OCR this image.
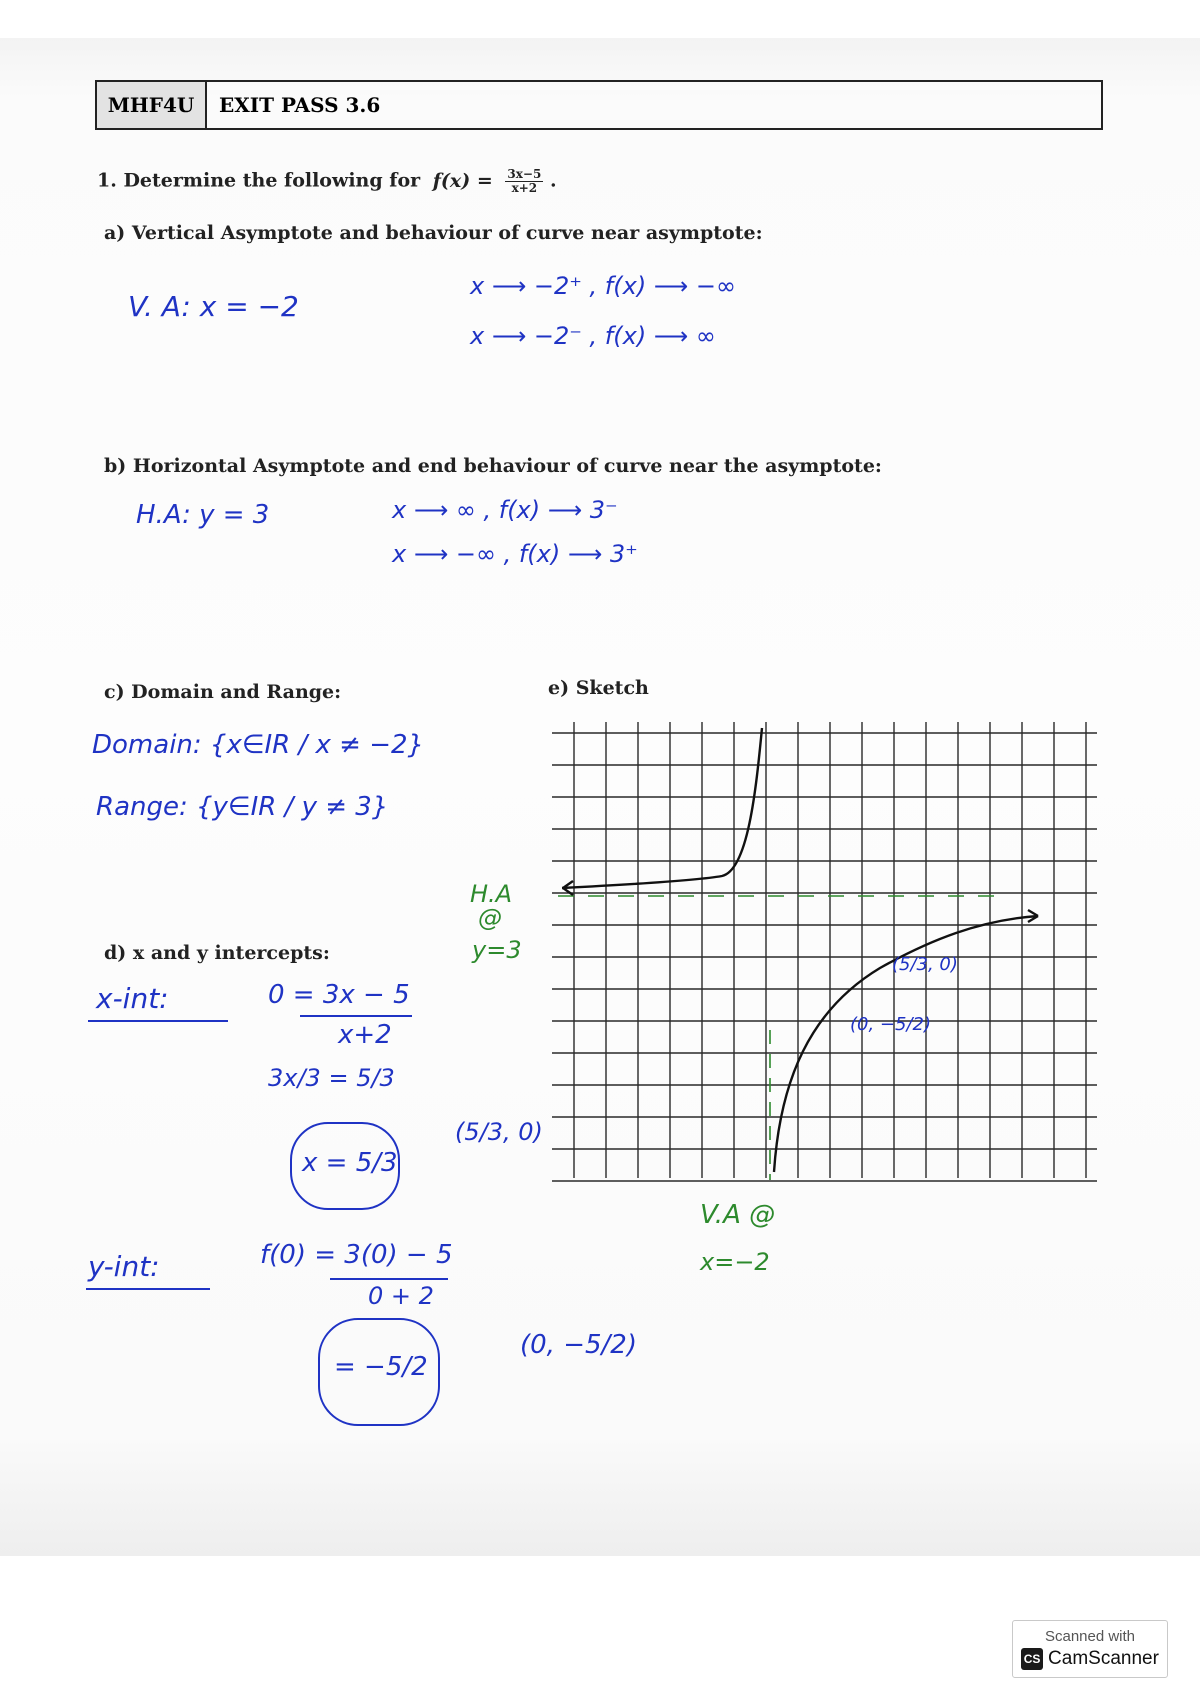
MHF4U	EXIT PASS 3.6
1. Determine the following for $f(x) = \frac{3x-5}{x+2}$ .
a) Vertical Asymptote and behaviour of curve near asymptote:
V. A: x = −2
x ⟶ −2⁺ , f(x) ⟶ −∞
x ⟶ −2⁻ , f(x) ⟶ ∞
b) Horizontal Asymptote and end behaviour of curve near the asymptote:
H.A: y = 3	x ⟶ ∞ , f(x) ⟶ 3⁻
x ⟶ −∞ , f(x) ⟶ 3⁺
c) Domain and Range:
Domain: {x∈IR / x ≠ −2}
Range: {y∈IR / y ≠ 3}
d) x and y intercepts:
x-int:	0 = 3x − 5
x+2
3x/3 = 5/3
x = 5/3
(5/3, 0)
y-int:	f(0) = 3(0) − 5
0 + 2
= −5/2
(0, −5/2)
e) Sketch
H.A
@
y=3
V.A @
x=−2
(5/3, 0)
(0, −5/2)
Scanned with
CS CamScanner
